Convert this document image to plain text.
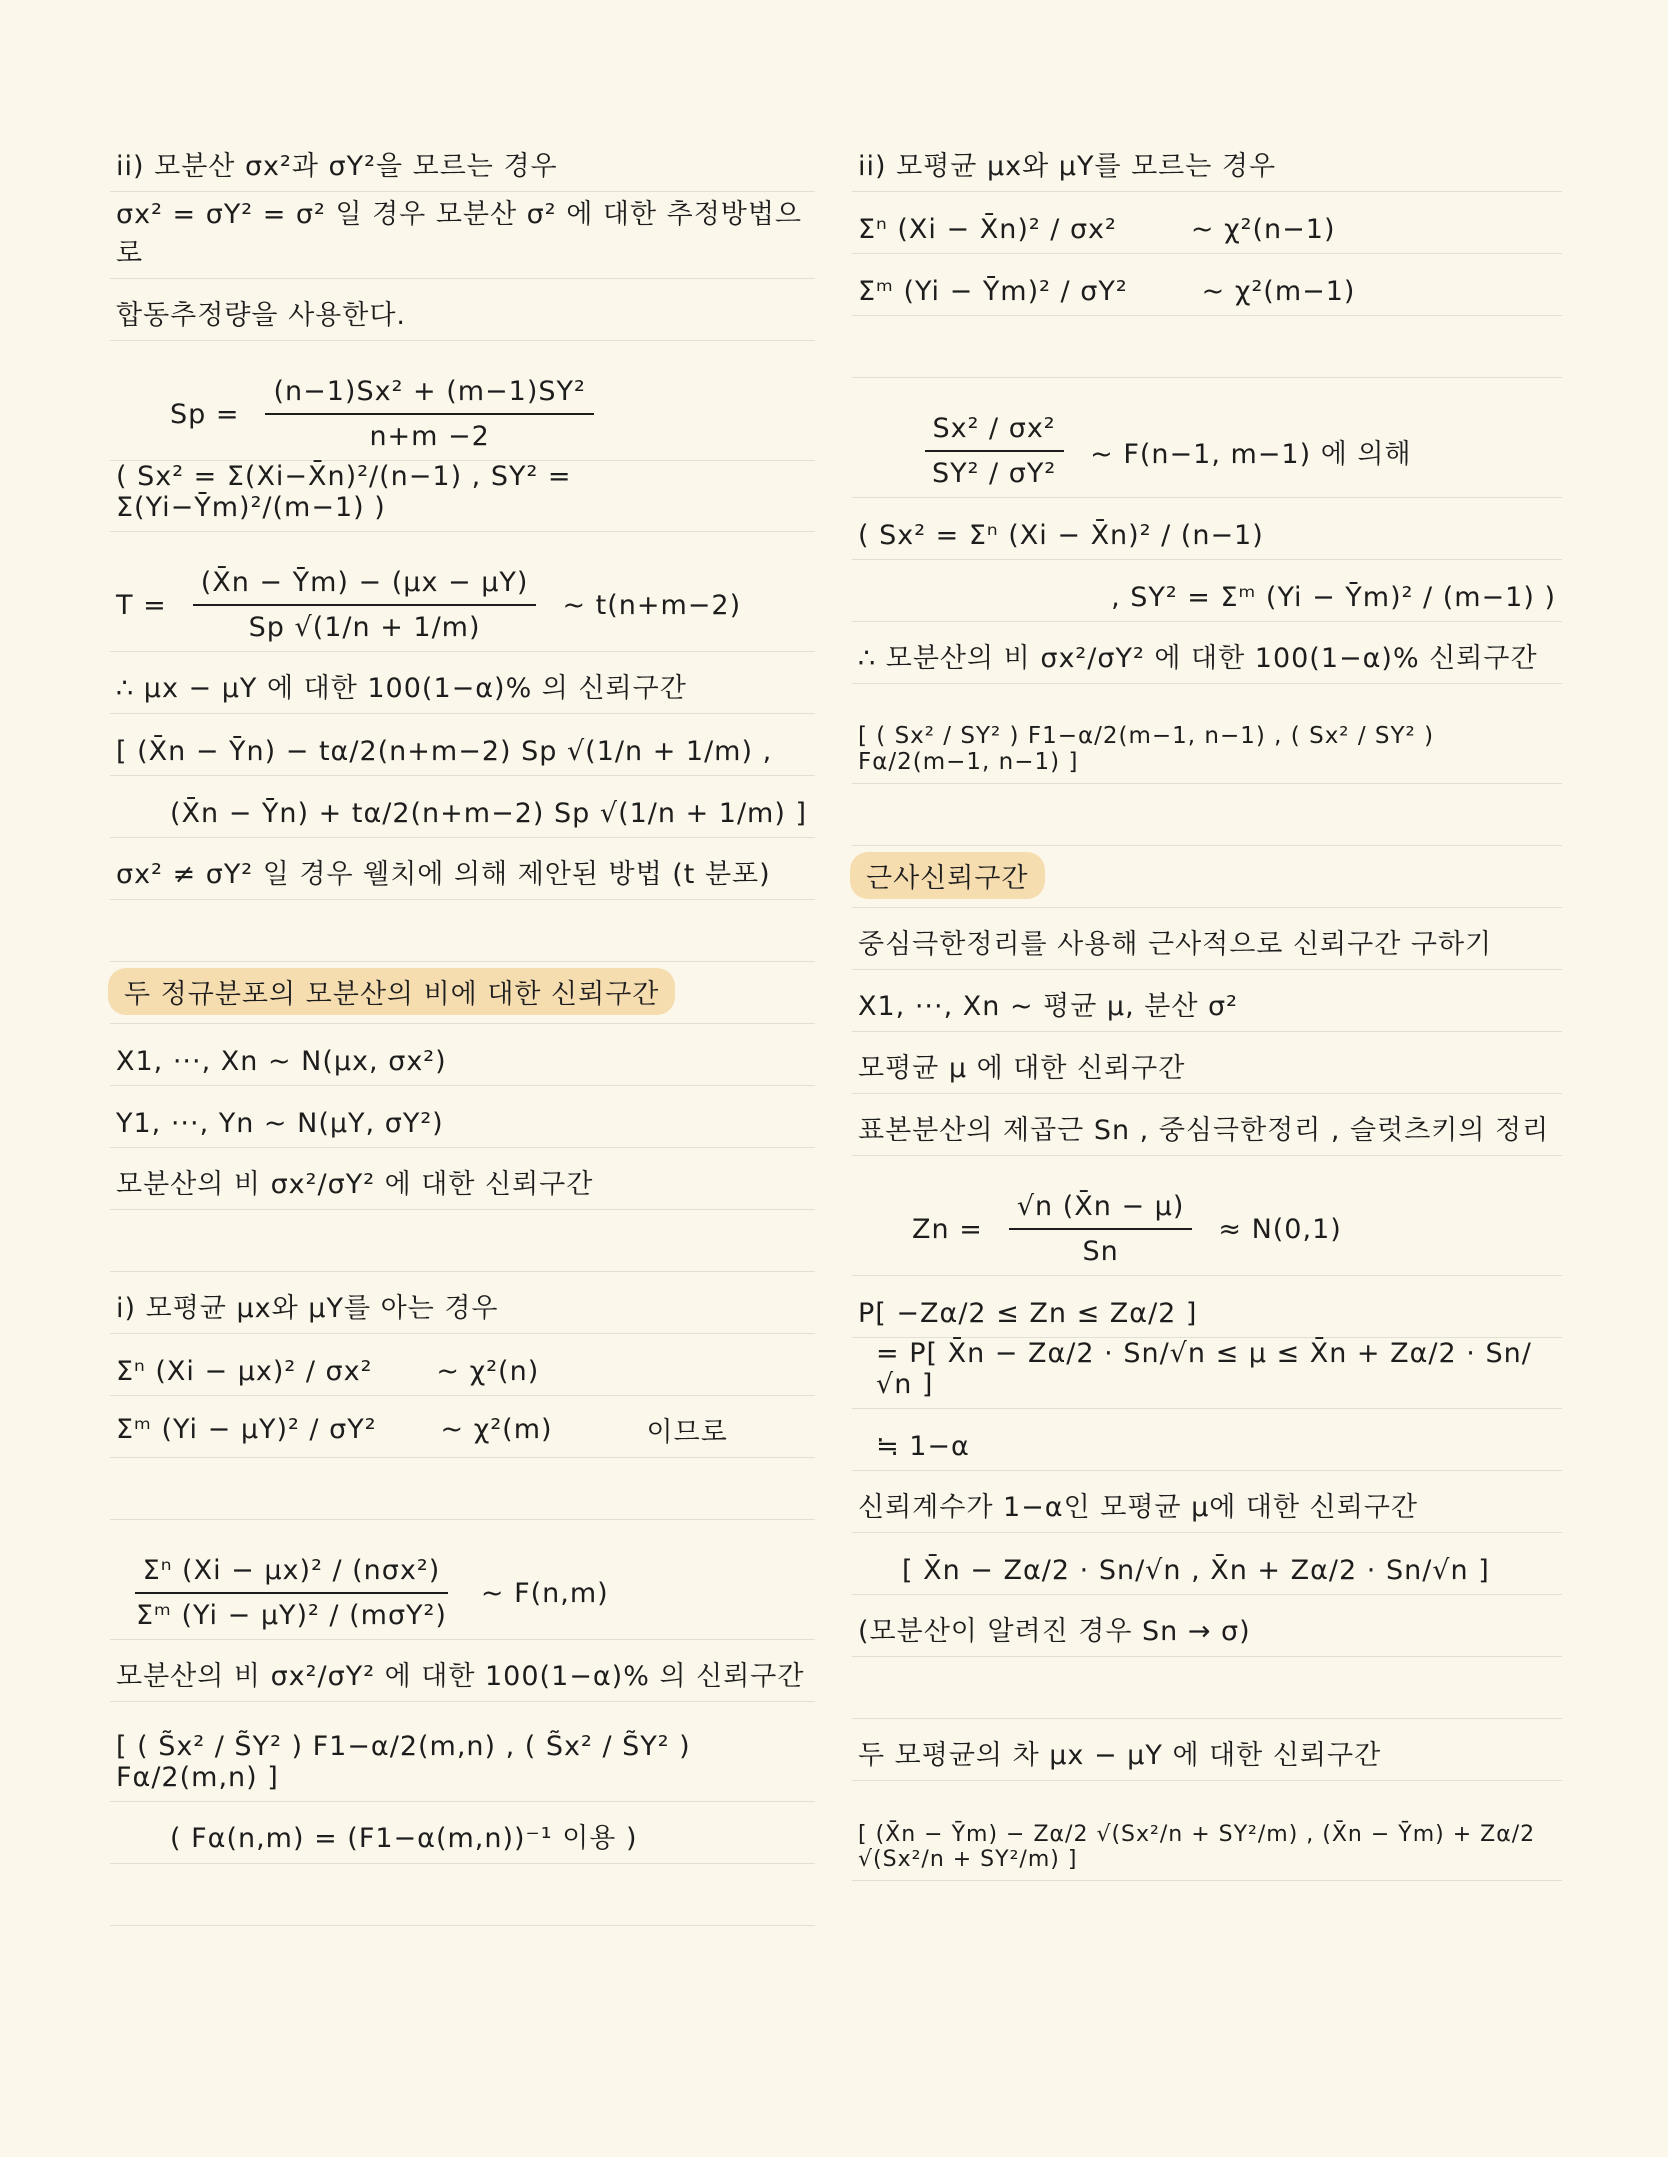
ii) 모분산 σx²과 σY²을 모르는 경우
σx² = σY² = σ² 일 경우 모분산 σ² 에 대한 추정방법으로
합동추정량을 사용한다.
$Sp = \frac{\text{(n−1)Sx² + (m−1)SY²}}{n+m -2}$
( Sx² = Σ(Xi−X̄n)²/(n−1) , SY² = Σ(Yi−Ȳm)²/(m−1) )
$T = \frac{(X̄n - Ȳm) - (\mu x - \mu Y)}{Sp √(1/n + 1/m)}$ ~ t(n+m−2)
∴ μx − μY 에 대한 100(1−α)% 의 신뢰구간
[ (X̄n − Ȳn) − tα/2(n+m−2) Sp √(1/n + 1/m) ,
(X̄n − Ȳn) + tα/2(n+m−2) Sp √(1/n + 1/m) ]
σx² ≠ σY² 일 경우 웰치에 의해 제안된 방법 (t 분포)
두 정규분포의 모분산의 비에 대한 신뢰구간
X1, ···, Xn ~ N(μx, σx²)
Y1, ···, Yn ~ N(μY, σY²)
모분산의 비 σx²/σY² 에 대한 신뢰구간
i) 모평균 μx와 μY를 아는 경우
Σⁿ (Xi − μx)² / σx² ~ χ²(n)
Σᵐ (Yi − μY)² / σY² ~ χ²(m)	이므로
$\frac{\text{Σⁿ (Xi − μx)² / (nσx²)}}{\text{Σᵐ (Yi − μY)² / (mσY²)}}$ ~ F(n,m)
모분산의 비 σx²/σY² 에 대한 100(1−α)% 의 신뢰구간
[ ( S̃x² / S̃Y² ) F1−α/2(m,n) , ( S̃x² / S̃Y² ) Fα/2(m,n) ]
( Fα(n,m) = (F1−α(m,n))⁻¹ 이용 )
ii) 모평균 μx와 μY를 모르는 경우
Σⁿ (Xi − X̄n)² / σx²	~ χ²(n−1)
Σᵐ (Yi − Ȳm)² / σY²	~ χ²(m−1)
$\frac{\text{Sx² / σx²}}{\text{SY² / σY²}}$ ~ F(n−1, m−1) 에 의해
( Sx² = Σⁿ (Xi − X̄n)² / (n−1)
, SY² = Σᵐ (Yi − Ȳm)² / (m−1) )
∴ 모분산의 비 σx²/σY² 에 대한 100(1−α)% 신뢰구간
[ ( Sx² / SY² ) F1−α/2(m−1, n−1) , ( Sx² / SY² ) Fα/2(m−1, n−1) ]
근사신뢰구간
중심극한정리를 사용해 근사적으로 신뢰구간 구하기
X1, ···, Xn ~ 평균 μ, 분산 σ²
모평균 μ 에 대한 신뢰구간
표본분산의 제곱근 Sn , 중심극한정리 , 슬럿츠키의 정리
$Zn = \frac{√n (X̄n - \mu)}{Sn} \approx N(0,1)$
P[ −Zα/2 ≤ Zn ≤ Zα/2 ]
= P[ X̄n − Zα/2 · Sn/√n ≤ μ ≤ X̄n + Zα/2 · Sn/√n ]
≒ 1−α
신뢰계수가 1−α인 모평균 μ에 대한 신뢰구간
[ X̄n − Zα/2 · Sn/√n , X̄n + Zα/2 · Sn/√n ]
(모분산이 알려진 경우 Sn → σ)
두 모평균의 차 μx − μY 에 대한 신뢰구간
[ (X̄n − Ȳm) − Zα/2 √(Sx²/n + SY²/m) , (X̄n − Ȳm) + Zα/2 √(Sx²/n + SY²/m) ]
